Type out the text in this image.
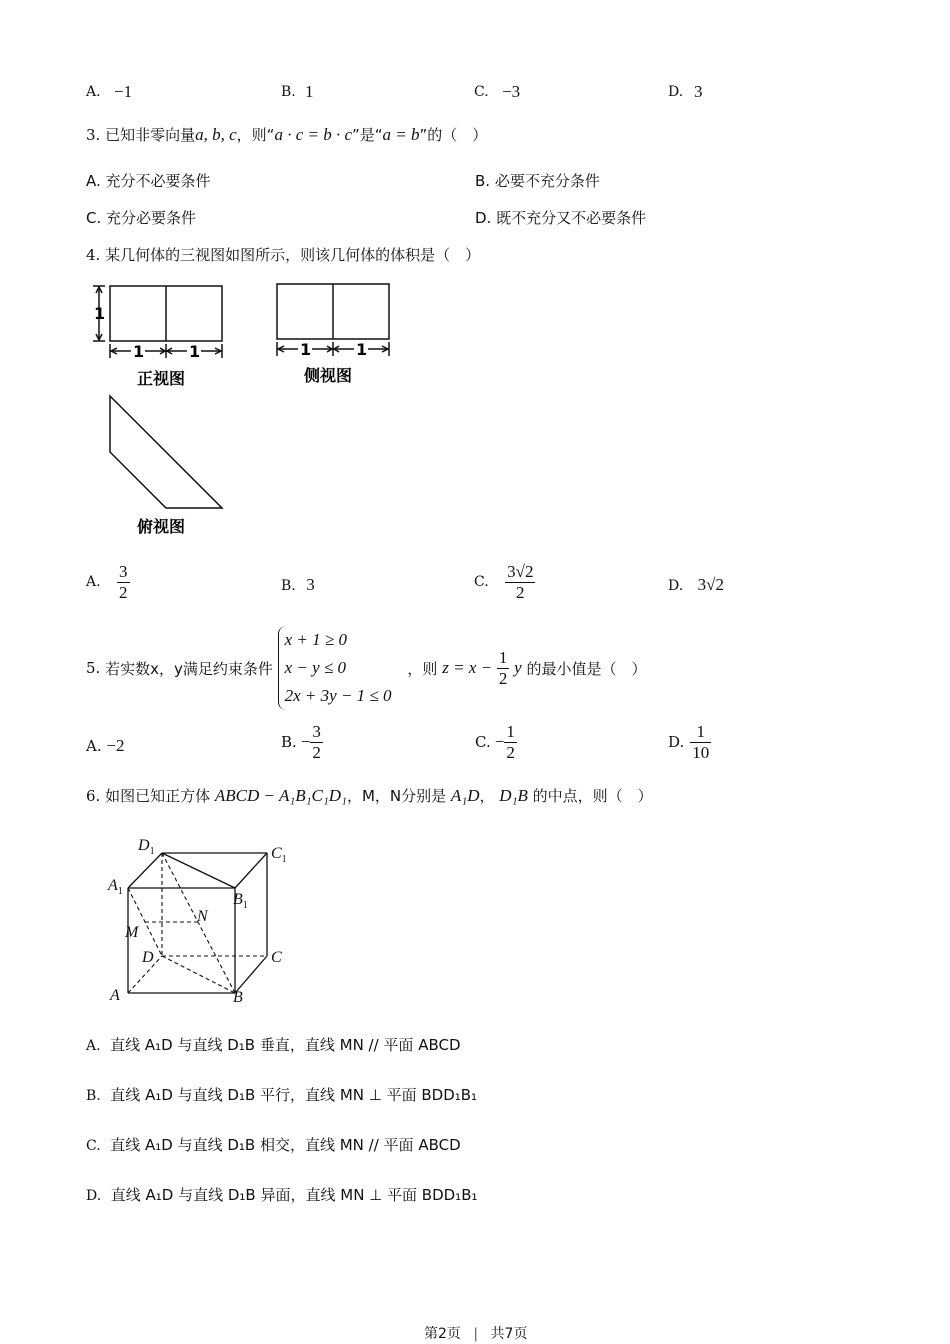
A. −1	B. 1	C. −3	D. 3
3. 已知非零向量a, b, c，则“a · c = b · c”是“a = b”的（　）
A. 充分不必要条件	B. 必要不充分条件
C. 充分必要条件	D. 既不充分又不必要条件
4. 某几何体的三视图如图所示，则该几何体的体积是（　）
1
1	1
正视图
1	1
侧视图
俯视图
A. $\frac{3}{2}$	B. 3	C. $\frac{3√2}{2}$	D. 3√2
5. 若实数x，y满足约束条件
x + 1 ≥ 0
x − y ≤ 0
2x + 3y − 1 ≤ 0
，则 $z = x - \frac{1}{2}$ y 的最小值是（　）
A. −2	B. − $\frac{3}{2}$	C. − $\frac{1}{2}$	D. $\frac{1}{10}$
6. 如图已知正方体 ABCD − A₁B₁C₁D₁，M，N分别是 A₁D， D₁B 的中点，则（　）
$D_1$	$C_1$
$A_1$	$B_1$
N
M
D	C
A	B
A. 直线 A₁D 与直线 D₁B 垂直，直线 MN // 平面 ABCD
B. 直线 A₁D 与直线 D₁B 平行，直线 MN ⊥ 平面 BDD₁B₁
C. 直线 A₁D 与直线 D₁B 相交，直线 MN // 平面 ABCD
D. 直线 A₁D 与直线 D₁B 异面，直线 MN ⊥ 平面 BDD₁B₁
第2页 | 共7页
